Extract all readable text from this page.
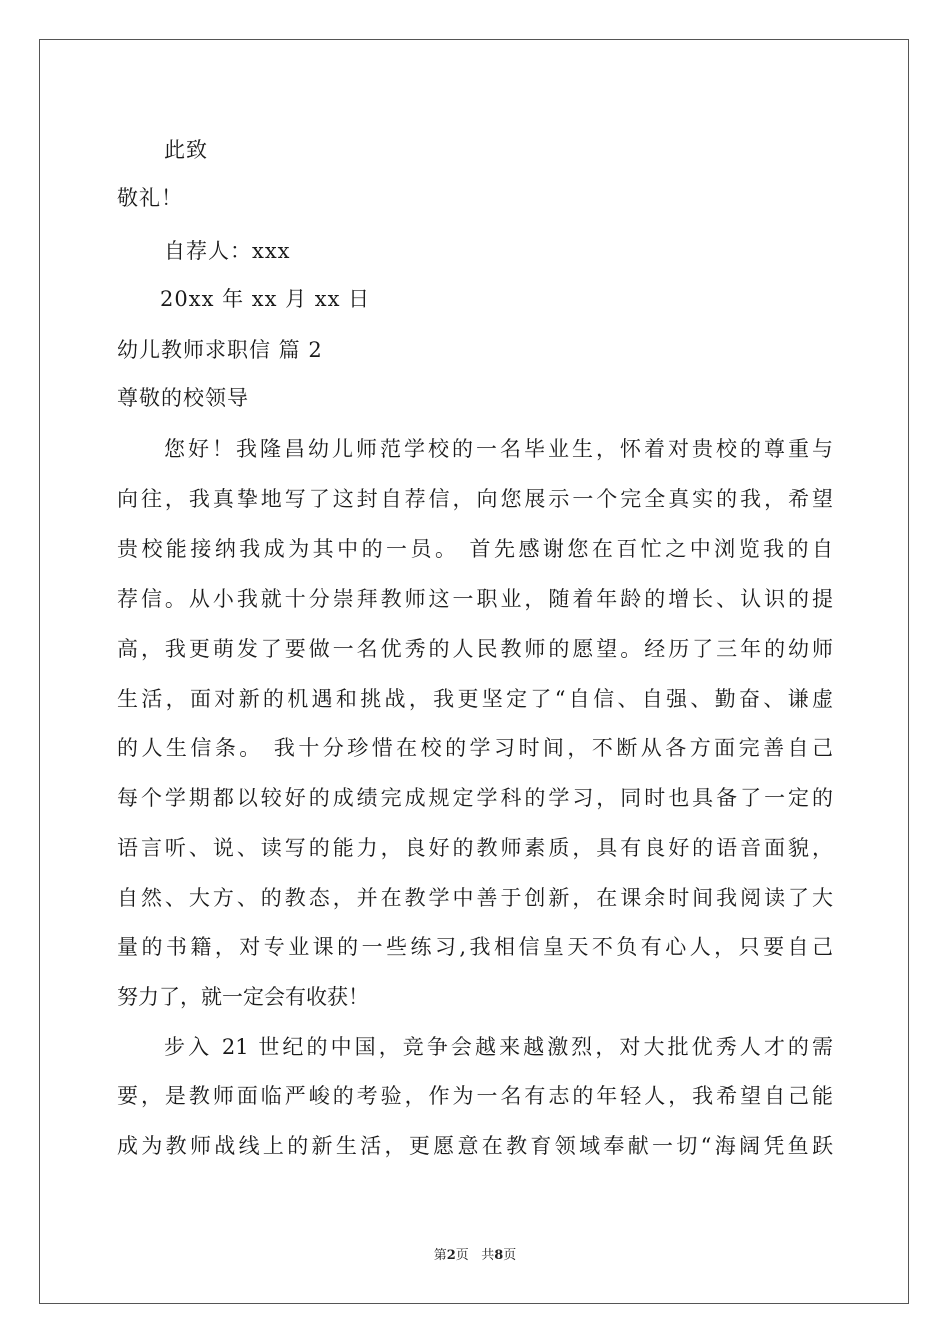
此致
敬礼！
自荐人：xxx
20xx 年 xx 月 xx 日
幼儿教师求职信 篇 2
尊敬的校领导
您好！我隆昌幼儿师范学校的一名毕业生，怀着对贵校的尊重与
向往，我真挚地写了这封自荐信，向您展示一个完全真实的我，希望
贵校能接纳我成为其中的一员。 首先感谢您在百忙之中浏览我的自
荐信。从小我就十分崇拜教师这一职业，随着年龄的增长、认识的提
高，我更萌发了要做一名优秀的人民教师的愿望。经历了三年的幼师
生活，面对新的机遇和挑战，我更坚定了“自信、自强、勤奋、谦虚
的人生信条。 我十分珍惜在校的学习时间，不断从各方面完善自己
每个学期都以较好的成绩完成规定学科的学习，同时也具备了一定的
语言听、说、读写的能力，良好的教师素质，具有良好的语音面貌，
自然、大方、的教态，并在教学中善于创新，在课余时间我阅读了大
量的书籍，对专业课的一些练习,我相信皇天不负有心人，只要自己
努力了，就一定会有收获！
步入 21 世纪的中国，竞争会越来越激烈，对大批优秀人才的需
要，是教师面临严峻的考验，作为一名有志的年轻人，我希望自己能
成为教师战线上的新生活，更愿意在教育领域奉献一切“海阔凭鱼跃
第2页 共8页
